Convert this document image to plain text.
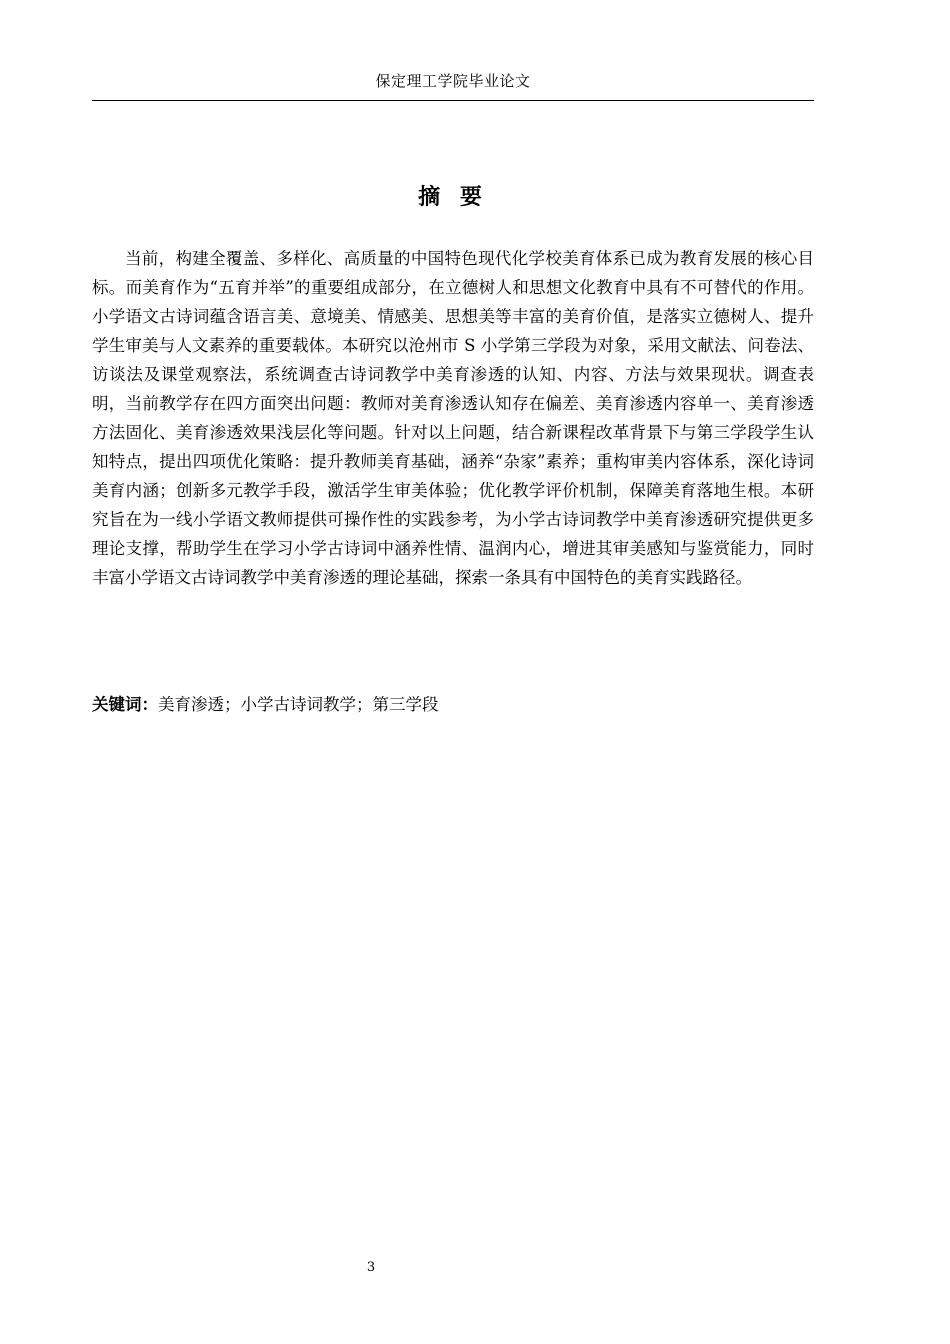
保定理工学院毕业论文
摘 要

当前，构建全覆盖、多样化、高质量的中国特色现代化学校美育体系已成为教育发展的核心目标。而美育作为“五育并举”的重要组成部分，在立德树人和思想文化教育中具有不可替代的作用。小学语文古诗词蕴含语言美、意境美、情感美、思想美等丰富的美育价值，是落实立德树人、提升学生审美与人文素养的重要载体。本研究以沧州市 S 小学第三学段为对象，采用文献法、问卷法、访谈法及课堂观察法，系统调查古诗词教学中美育渗透的认知、内容、方法与效果现状。调查表明，当前教学存在四方面突出问题：教师对美育渗透认知存在偏差、美育渗透内容单一、美育渗透方法固化、美育渗透效果浅层化等问题。针对以上问题，结合新课程改革背景下与第三学段学生认知特点，提出四项优化策略：提升教师美育基础，涵养“杂家”素养；重构审美内容体系，深化诗词美育内涵；创新多元教学手段，激活学生审美体验；优化教学评价机制，保障美育落地生根。本研究旨在为一线小学语文教师提供可操作性的实践参考，为小学古诗词教学中美育渗透研究提供更多理论支撑，帮助学生在学习小学古诗词中涵养性情、温润内心，增进其审美感知与鉴赏能力，同时丰富小学语文古诗词教学中美育渗透的理论基础，探索一条具有中国特色的美育实践路径。

关键词：美育渗透；小学古诗词教学；第三学段
3
